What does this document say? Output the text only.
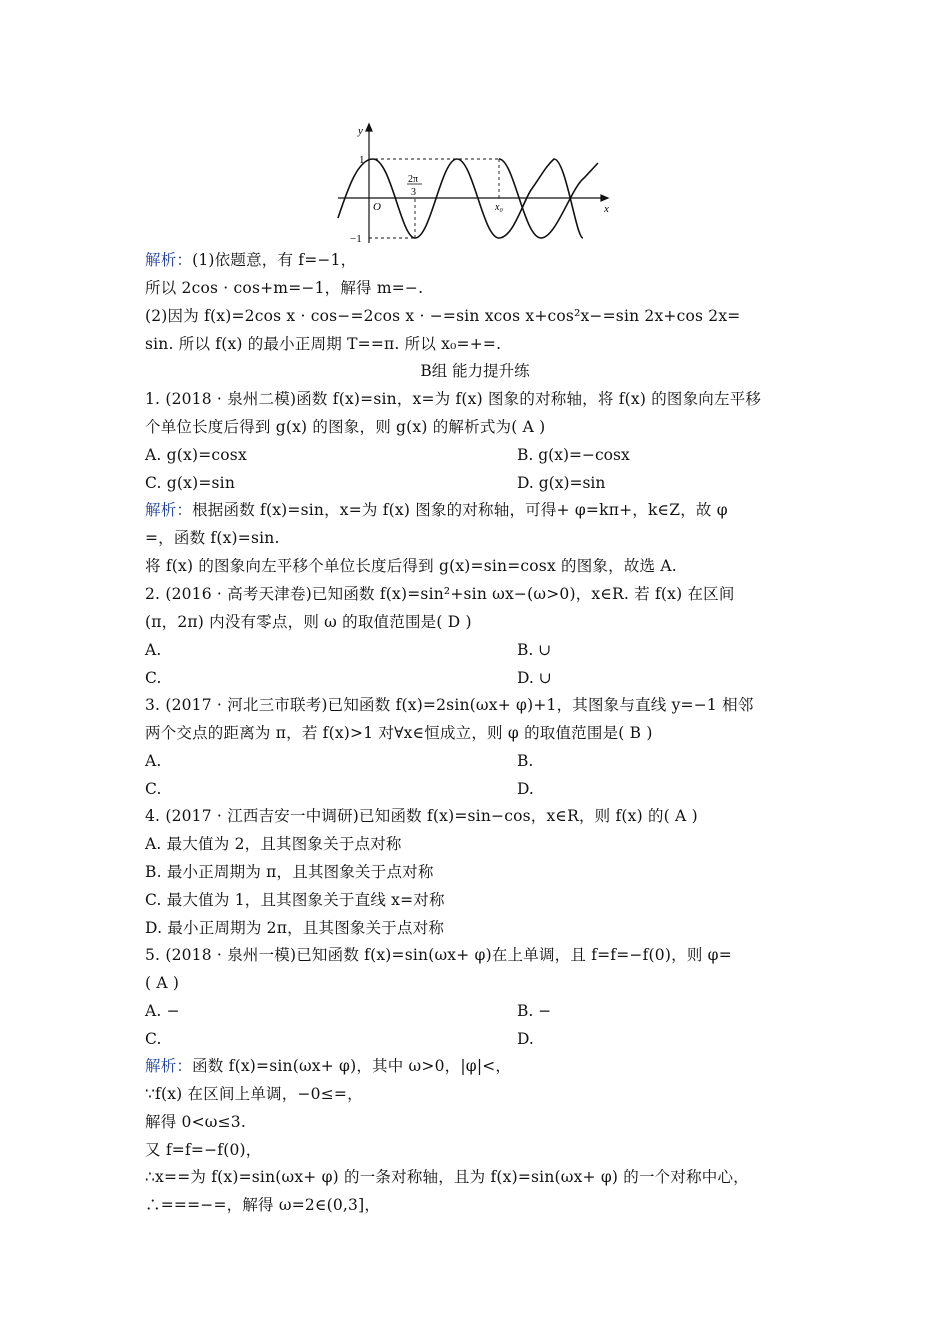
y
x
O
1
−1
2π
3
x₀
解析：(1)依题意，有 f=−1，
所以 2cos · cos+m=−1，解得 m=−.
(2)因为 f(x)=2cos x · cos−=2cos x · −=sin xcos x+cos²x−=sin 2x+cos 2x=
sin. 所以 f(x) 的最小正周期 T==π. 所以 x₀=+=.
B组 能力提升练
1. (2018 · 泉州二模)函数 f(x)=sin，x=为 f(x) 图象的对称轴，将 f(x) 的图象向左平移
个单位长度后得到 g(x) 的图象，则 g(x) 的解析式为( A )
A. g(x)=cosx	B. g(x)=−cosx
C. g(x)=sin	D. g(x)=sin
解析：根据函数 f(x)=sin，x=为 f(x) 图象的对称轴，可得+ φ=kπ+，k∈Z，故 φ
=，函数 f(x)=sin.
将 f(x) 的图象向左平移个单位长度后得到 g(x)=sin=cosx 的图象，故选 A.
2. (2016 · 高考天津卷)已知函数 f(x)=sin²+sin ωx−(ω>0)，x∈R. 若 f(x) 在区间
(π，2π) 内没有零点，则 ω 的取值范围是( D )
A.	B. ∪
C.	D. ∪
3. (2017 · 河北三市联考)已知函数 f(x)=2sin(ωx+ φ)+1，其图象与直线 y=−1 相邻
两个交点的距离为 π，若 f(x)>1 对∀x∈恒成立，则 φ 的取值范围是( B )
A.	B.
C.	D.
4. (2017 · 江西吉安一中调研)已知函数 f(x)=sin−cos，x∈R，则 f(x) 的( A )
A. 最大值为 2，且其图象关于点对称
B. 最小正周期为 π，且其图象关于点对称
C. 最大值为 1，且其图象关于直线 x=对称
D. 最小正周期为 2π，且其图象关于点对称
5. (2018 · 泉州一模)已知函数 f(x)=sin(ωx+ φ)在上单调，且 f=f=−f(0)，则 φ=
( A )
A. −	B. −
C.	D.
解析：函数 f(x)=sin(ωx+ φ)，其中 ω>0，|φ|<，
∵f(x) 在区间上单调，−0≤=，
解得 0<ω≤3.
又 f=f=−f(0)，
∴x==为 f(x)=sin(ωx+ φ) 的一条对称轴，且为 f(x)=sin(ωx+ φ) 的一个对称中心，
∴===−=，解得 ω=2∈(0,3]，
